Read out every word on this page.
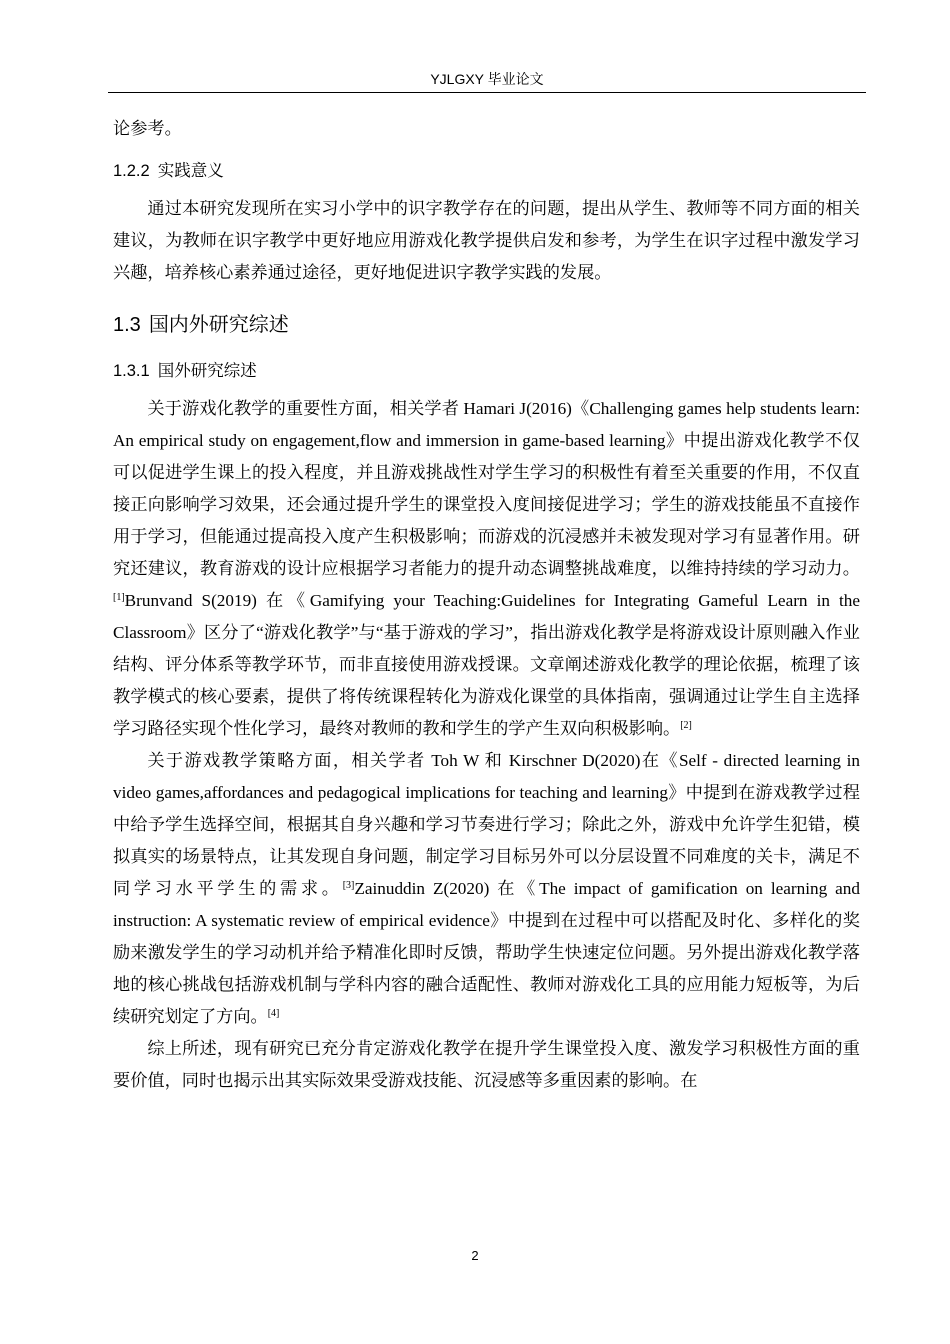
YJLGXY 毕业论文

论参考。

1.2.2 实践意义

通过本研究发现所在实习小学中的识字教学存在的问题，提出从学生、教师等不同方面的相关建议，为教师在识字教学中更好地应用游戏化教学提供启发和参考，为学生在识字过程中激发学习兴趣，培养核心素养通过途径，更好地促进识字教学实践的发展。

1.3 国内外研究综述
1.3.1 国外研究综述

关于游戏化教学的重要性方面，相关学者 Hamari J(2016)《Challenging games help students learn: An empirical study on engagement,flow and immersion in game-based learning》中提出游戏化教学不仅可以促进学生课上的投入程度，并且游戏挑战性对学生学习的积极性有着至关重要的作用，不仅直接正向影响学习效果，还会通过提升学生的课堂投入度间接促进学习；学生的游戏技能虽不直接作用于学习，但能通过提高投入度产生积极影响；而游戏的沉浸感并未被发现对学习有显著作用。研究还建议，教育游戏的设计应根据学习者能力的提升动态调整挑战难度，以维持持续的学习动力。[1]Brunvand S(2019) 在《Gamifying your Teaching:Guidelines for Integrating Gameful Learn in the Classroom》区分了“游戏化教学”与“基于游戏的学习”，指出游戏化教学是将游戏设计原则融入作业结构、评分体系等教学环节，而非直接使用游戏授课。文章阐述游戏化教学的理论依据，梳理了该教学模式的核心要素，提供了将传统课程转化为游戏化课堂的具体指南，强调通过让学生自主选择学习路径实现个性化学习，最终对教师的教和学生的学产生双向积极影响。[2]

关于游戏教学策略方面，相关学者 Toh W 和 Kirschner D(2020)在《Self - directed learning in video games,affordances and pedagogical implications for teaching and learning》中提到在游戏教学过程中给予学生选择空间，根据其自身兴趣和学习节奏进行学习；除此之外，游戏中允许学生犯错，模拟真实的场景特点，让其发现自身问题，制定学习目标另外可以分层设置不同难度的关卡，满足不同学习水平学生的需求。[3]Zainuddin Z(2020) 在《The impact of gamification on learning and instruction: A systematic review of empirical evidence》中提到在过程中可以搭配及时化、多样化的奖励来激发学生的学习动机并给予精准化即时反馈，帮助学生快速定位问题。另外提出游戏化教学落地的核心挑战包括游戏机制与学科内容的融合适配性、教师对游戏化工具的应用能力短板等，为后续研究划定了方向。[4]

综上所述，现有研究已充分肯定游戏化教学在提升学生课堂投入度、激发学习积极性方面的重要价值，同时也揭示出其实际效果受游戏技能、沉浸感等多重因素的影响。在

2
